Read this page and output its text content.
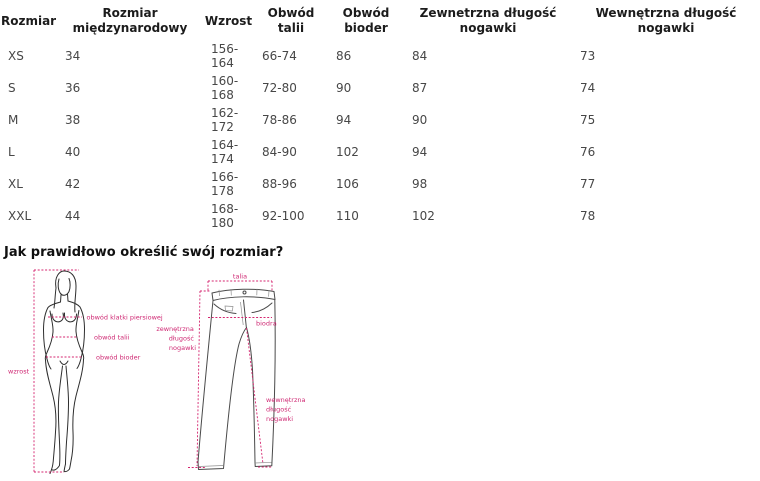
Rozmiar	Rozmiar międzynarodowy	Wzrost	Obwód talii	Obwód bioder	Zewnetrzna długość nogawki	Wewnętrzna długość nogawki
XS	34	156-164	66-74	86	84	73
S	36	160-168	72-80	90	87	74
M	38	162-172	78-86	94	90	75
L	40	164-174	84-90	102	94	76
XL	42	166-178	88-96	106	98	77
XXL	44	168-180	92-100	110	102	78
Jak prawidłowo określić swój rozmiar?
wzrost
obwód klatki piersiowej
obwód talii
obwód bioder
talia
biodra
zewnętrzna długość nogawki
wewnętrzna długość nogawki
